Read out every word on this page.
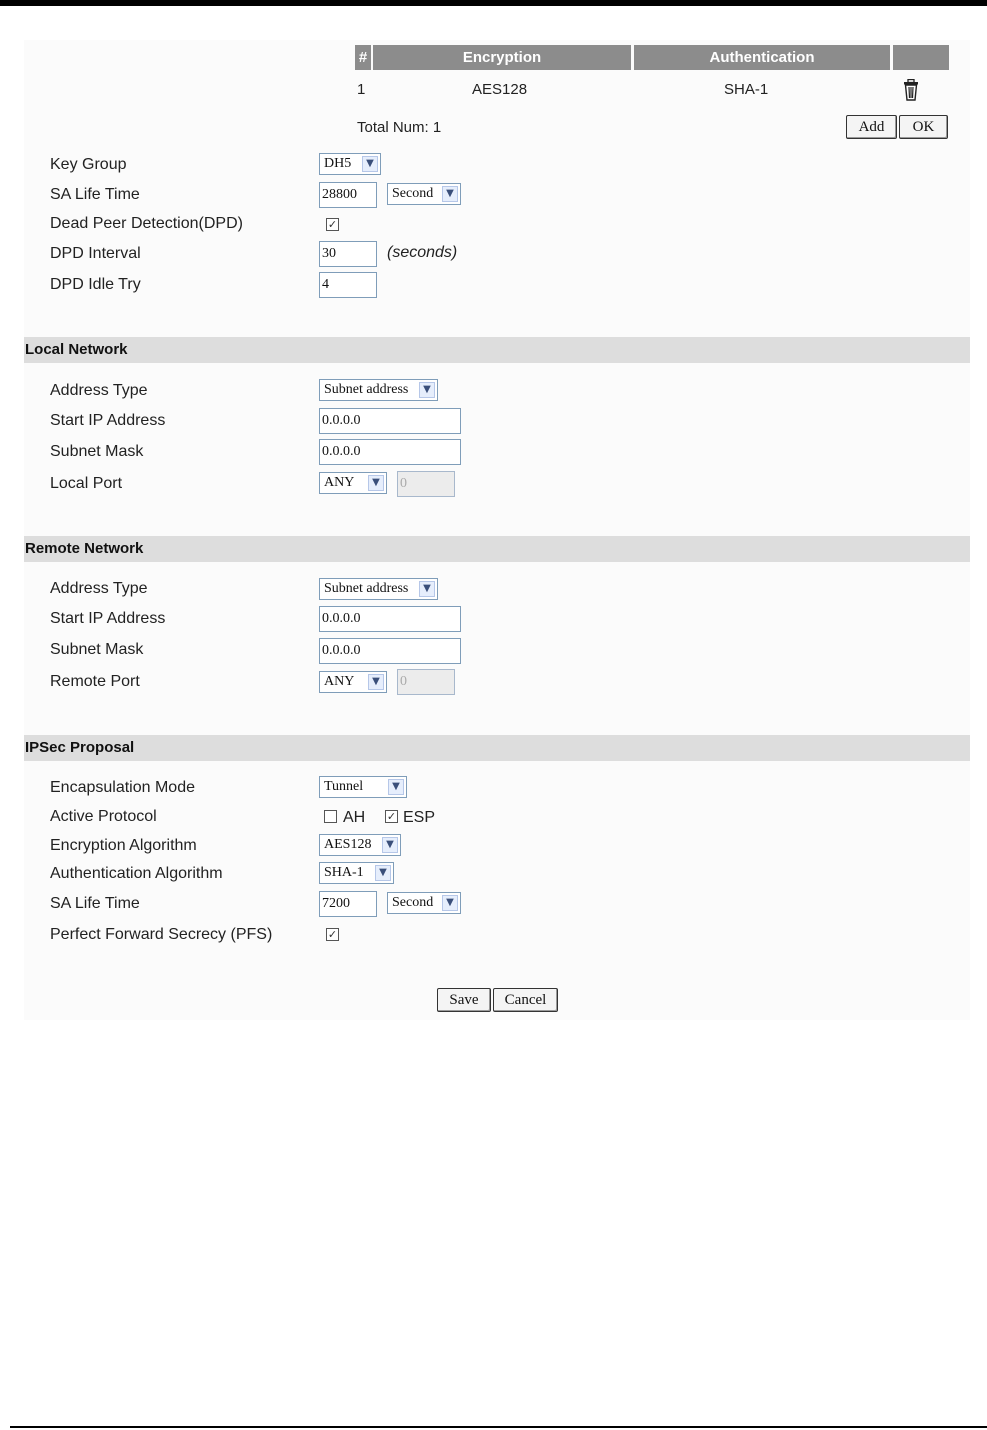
#	Encryption	Authentication
1	AES128	SHA-1
Total Num: 1	Add	OK
Key Group	DH5	▼
SA Life Time	28800	Second	▼
Dead Peer Detection(DPD)	✓
DPD Interval	30	(seconds)
DPD Idle Try	4
Local Network
Address Type	Subnet address	▼
Start IP Address	0.0.0.0
Subnet Mask	0.0.0.0
Local Port	ANY	▼ 0
Remote Network
Address Type	Subnet address	▼
Start IP Address	0.0.0.0
Subnet Mask	0.0.0.0
Remote Port	ANY	▼ 0
IPSec Proposal
Encapsulation Mode	Tunnel	▼
Active Protocol	AH ✓ ESP
Encryption Algorithm	AES128	▼
Authentication Algorithm	SHA-1	▼
SA Life Time	7200	Second	▼
Perfect Forward Secrecy (PFS)	✓
Save	Cancel
